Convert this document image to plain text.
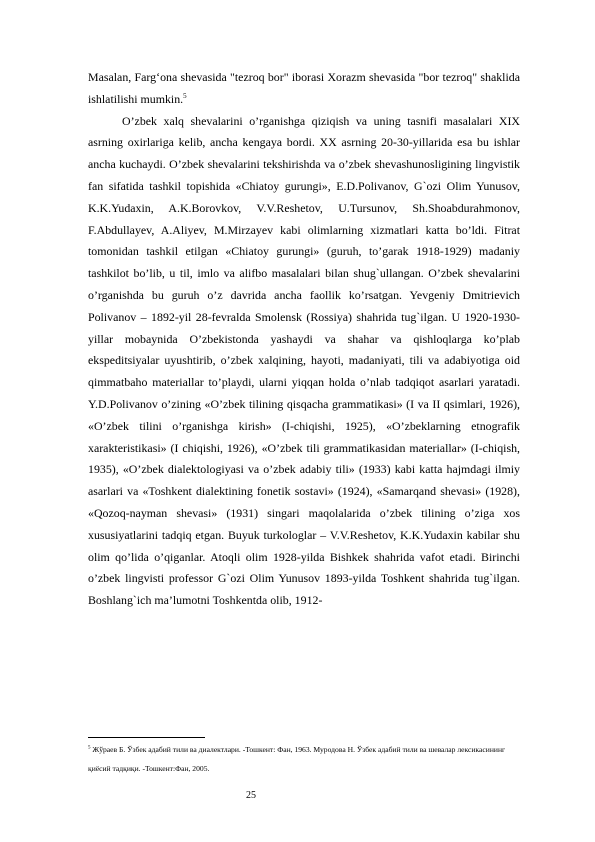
Masalan, Farg‘ona shevasida "tezroq bor" iborasi Xorazm shevasida "bor tezroq" shaklida ishlatilishi mumkin.$^5$

O’zbek xalq shevalarini o’rganishga qiziqish va uning tasnifi masalalari XIX asrning oxirlariga kelib, ancha kengaya bordi. XX asrning 20-30-yillarida esa bu ishlar ancha kuchaydi. O’zbek shevalarini tekshirishda va o’zbek shevashunosligining lingvistik fan sifatida tashkil topishida «Chiatoy gurungi», E.D.Polivanov, G`ozi Olim Yunusov, K.K.Yudaxin, A.K.Borovkov, V.V.Reshetov, U.Tursunov, Sh.Shoabdurahmonov, F.Abdullayev, A.Aliyev, M.Mirzayev kabi olimlarning xizmatlari katta bo’ldi. Fitrat tomonidan tashkil etilgan «Chiatoy gurungi» (guruh, to’garak 1918-1929) madaniy tashkilot bo’lib, u til, imlo va alifbo masalalari bilan shug`ullangan. O’zbek shevalarini o’rganishda bu guruh o’z davrida ancha faollik ko’rsatgan. Yevgeniy Dmitrievich Polivanov – 1892-yil 28-fevralda Smolensk (Rossiya) shahrida tug`ilgan. U 1920-1930-yillar mobaynida O’zbekistonda yashaydi va shahar va qishloqlarga ko’plab ekspeditsiyalar uyushtirib, o’zbek xalqining, hayoti, madaniyati, tili va adabiyotiga oid qimmatbaho materiallar to’playdi, ularni yiqqan holda o’nlab tadqiqot asarlari yaratadi. Y.D.Polivanov o’zining «O’zbek tilining qisqacha grammatikasi» (I va II qsimlari, 1926), «O’zbek tilini o’rganishga kirish» (I-chiqishi, 1925), «O’zbeklarning etnografik xarakteristikasi» (I chiqishi, 1926), «O’zbek tili grammatikasidan materiallar» (I-chiqish, 1935), «O’zbek dialektologiyasi va o’zbek adabiy tili» (1933) kabi katta hajmdagi ilmiy asarlari va «Toshkent dialektining fonetik sostavi» (1924), «Samarqand shevasi» (1928), «Qozoq-nayman shevasi» (1931) singari maqolalarida o’zbek tilining o’ziga xos xususiyatlarini tadqiq etgan. Buyuk turkologlar – V.V.Reshetov, K.K.Yudaxin kabilar shu olim qo’lida o’qiganlar. Atoqli olim 1928-yilda Bishkek shahrida vafot etadi. Birinchi o’zbek lingvisti professor G`ozi Olim Yunusov 1893-yilda Toshkent shahrida tug`ilgan. Boshlang`ich ma’lumotni Toshkentda olib, 1912-

$^5$ Жўраев Б. Ўзбек адабий тили ва диалектлари. -Тошкент: Фан, 1963. Муродова Н. Ўзбек адабий тили ва шевалар лексикасининг қиёсий тадқиқи. -Тошкент:Фан, 2005.
25
